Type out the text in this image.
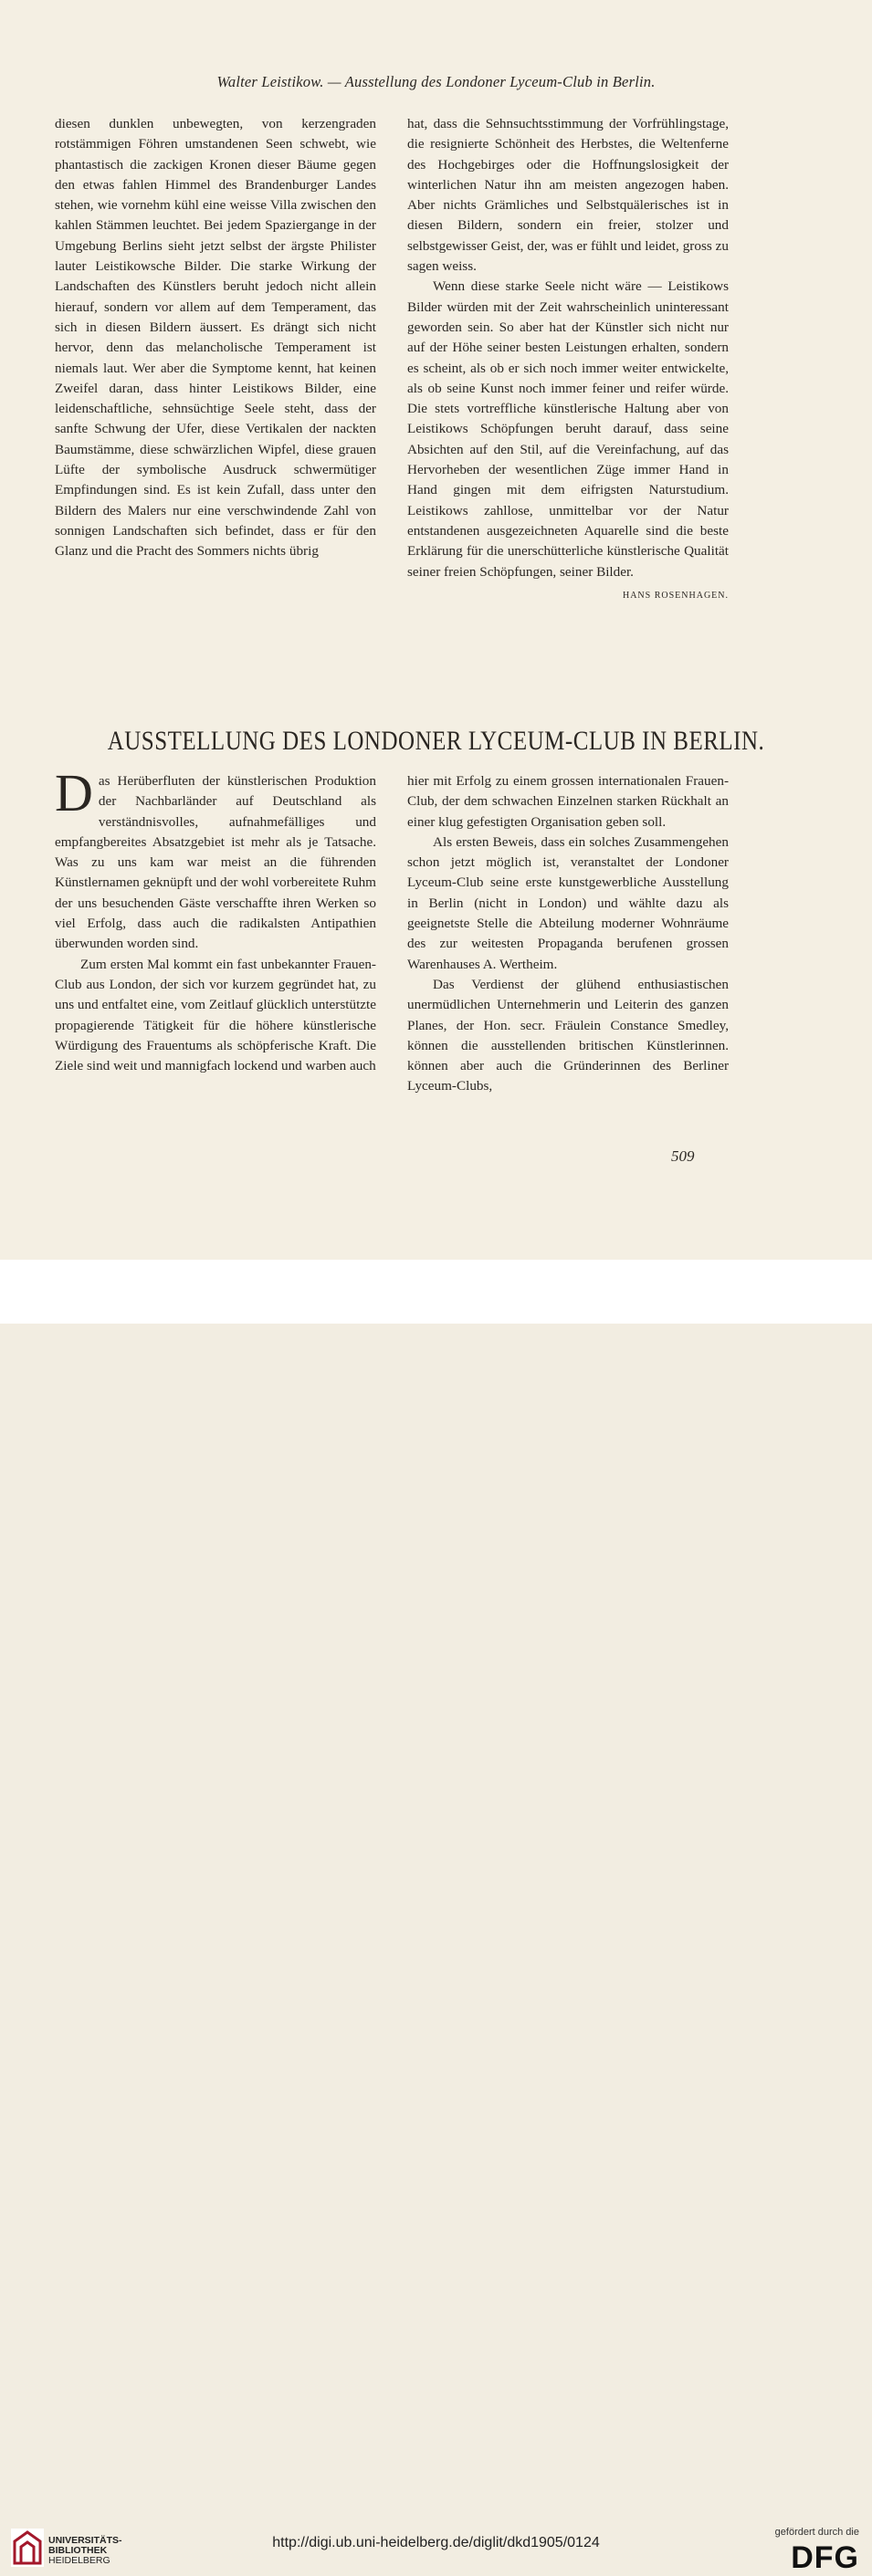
Walter Leistikow. — Ausstellung des Londoner Lyceum-Club in Berlin.

diesen dunklen unbewegten, von kerzengraden rotstämmigen Föhren umstandenen Seen schwebt, wie phantastisch die zackigen Kronen dieser Bäume gegen den etwas fahlen Himmel des Brandenburger Landes stehen, wie vornehm kühl eine weisse Villa zwischen den kahlen Stämmen leuchtet. Bei jedem Spaziergange in der Umgebung Berlins sieht jetzt selbst der ärgste Philister lauter Leistikowsche Bilder. Die starke Wirkung der Landschaften des Künstlers beruht jedoch nicht allein hierauf, sondern vor allem auf dem Temperament, das sich in diesen Bildern äussert. Es drängt sich nicht hervor, denn das melancholische Temperament ist niemals laut. Wer aber die Symptome kennt, hat keinen Zweifel daran, dass hinter Leistikows Bilder, eine leidenschaftliche, sehnsüchtige Seele steht, dass der sanfte Schwung der Ufer, diese Vertikalen der nackten Baumstämme, diese schwärzlichen Wipfel, diese grauen Lüfte der symbolische Ausdruck schwermütiger Empfindungen sind. Es ist kein Zufall, dass unter den Bildern des Malers nur eine verschwindende Zahl von sonnigen Landschaften sich befindet, dass er für den Glanz und die Pracht des Sommers nichts übrig

hat, dass die Sehnsuchtsstimmung der Vorfrühlingstage, die resignierte Schönheit des Herbstes, die Weltenferne des Hochgebirges oder die Hoffnungslosigkeit der winterlichen Natur ihn am meisten angezogen haben. Aber nichts Grämliches und Selbstquälerisches ist in diesen Bildern, sondern ein freier, stolzer und selbstgewisser Geist, der, was er fühlt und leidet, gross zu sagen weiss.

Wenn diese starke Seele nicht wäre — Leistikows Bilder würden mit der Zeit wahrscheinlich uninteressant geworden sein. So aber hat der Künstler sich nicht nur auf der Höhe seiner besten Leistungen erhalten, sondern es scheint, als ob er sich noch immer weiter entwickelte, als ob seine Kunst noch immer feiner und reifer würde. Die stets vortreffliche künstlerische Haltung aber von Leistikows Schöpfungen beruht darauf, dass seine Absichten auf den Stil, auf die Vereinfachung, auf das Hervorheben der wesentlichen Züge immer Hand in Hand gingen mit dem eifrigsten Naturstudium. Leistikows zahllose, unmittelbar vor der Natur entstandenen ausgezeichneten Aquarelle sind die beste Erklärung für die unerschütterliche künstlerische Qualität seiner freien Schöpfungen, seiner Bilder.
HANS ROSENHAGEN.

AUSSTELLUNG DES LONDONER LYCEUM-CLUB IN BERLIN.

Das Herüberfluten der künstlerischen Produktion der Nachbarländer auf Deutschland als verständnisvolles, aufnahmefälliges und empfangbereites Absatzgebiet ist mehr als je Tatsache. Was zu uns kam war meist an die führenden Künstlernamen geknüpft und der wohl vorbereitete Ruhm der uns besuchenden Gäste verschaffte ihren Werken so viel Erfolg, dass auch die radikalsten Antipathien überwunden worden sind.

Zum ersten Mal kommt ein fast unbekannter Frauen-Club aus London, der sich vor kurzem gegründet hat, zu uns und entfaltet eine, vom Zeitlauf glücklich unterstützte propagierende Tätigkeit für die höhere künstlerische Würdigung des Frauentums als schöpferische Kraft. Die Ziele sind weit und mannigfach lockend und warben auch

hier mit Erfolg zu einem grossen internationalen Frauen-Club, der dem schwachen Einzelnen starken Rückhalt an einer klug gefestigten Organisation geben soll.

Als ersten Beweis, dass ein solches Zusammengehen schon jetzt möglich ist, veranstaltet der Londoner Lyceum-Club seine erste kunstgewerbliche Ausstellung in Berlin (nicht in London) und wählte dazu als geeignetste Stelle die Abteilung moderner Wohnräume des zur weitesten Propaganda berufenen grossen Warenhauses A. Wertheim.

Das Verdienst der glühend enthusiastischen unermüdlichen Unternehmerin und Leiterin des ganzen Planes, der Hon. secr. Fräulein Constance Smedley, können die ausstellenden britischen Künstlerinnen. können aber auch die Gründerinnen des Berliner Lyceum-Clubs,

509
UNIVERSITÄTS-
BIBLIOTHEK
HEIDELBERG
http://digi.ub.uni-heidelberg.de/diglit/dkd1905/0124
gefördert durch die
DFG
